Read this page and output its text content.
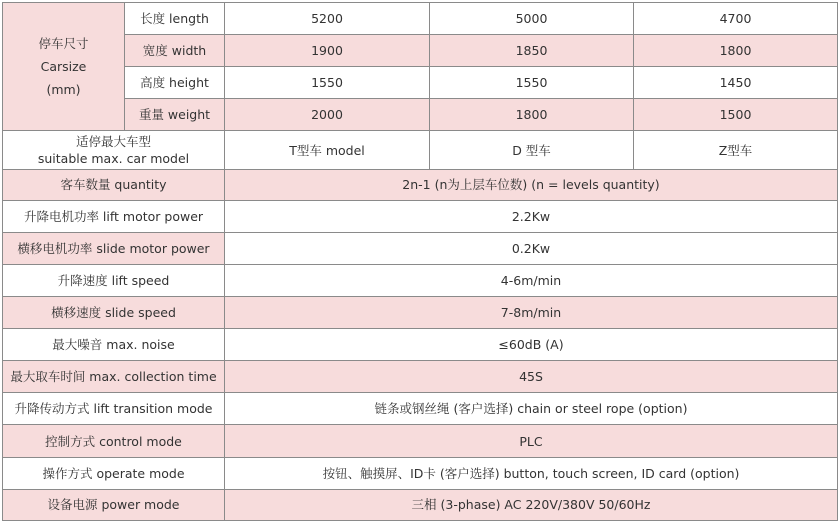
停车尺寸
Carsize
(mm)	长度 length	5200	5000	4700
	宽度 width	1900	1850	1800
	高度 height	1550	1550	1450
	重量 weight	2000	1800	1500

适停最大车型
suitable max. car model		T型车 model	D 型车	Z型车
客车数量 quantity		2n-1 (n为上层车位数) (n = levels quantity)		
升降电机功率 lift motor power		2.2Kw		
横移电机功率 slide motor power		0.2Kw		
升降速度 lift speed		4-6m/min		
横移速度 slide speed		7-8m/min		
最大噪音 max. noise		≤60dB (A)		
最大取车时间 max. collection time		45S		
升降传动方式 lift transition mode		链条或钢丝绳 (客户选择) chain or steel rope (option)		
控制方式 control mode		PLC		
操作方式 operate mode		按钮、触摸屏、ID卡 (客户选择) button, touch screen, ID card (option)		
设备电源 power mode		三相 (3-phase) AC 220V/380V 50/60Hz		
